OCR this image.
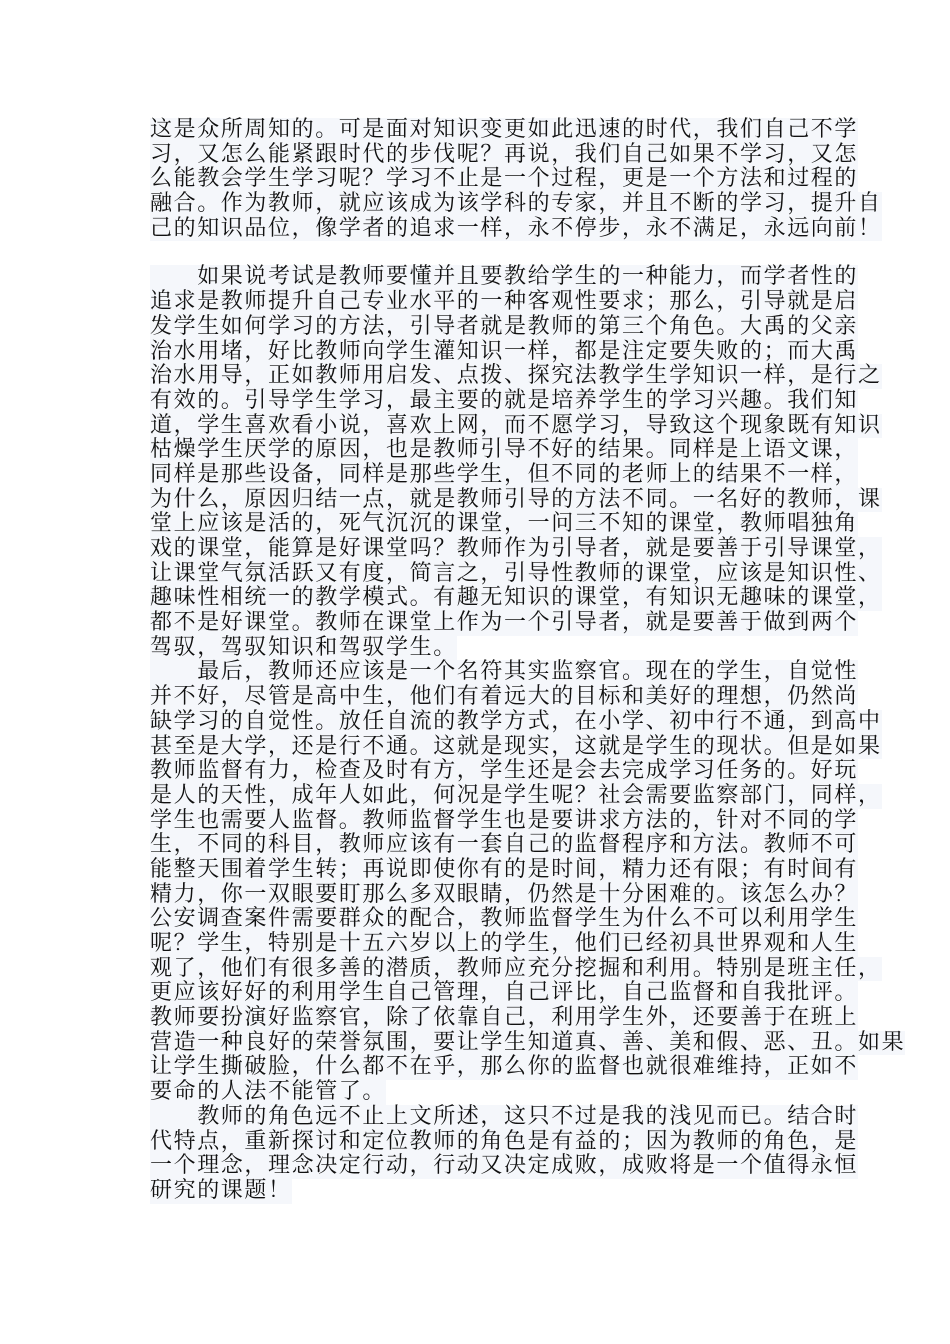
这是众所周知的。可是面对知识变更如此迅速的时代，我们自己不学
习，又怎么能紧跟时代的步伐呢？再说，我们自己如果不学习，又怎
么能教会学生学习呢？学习不止是一个过程，更是一个方法和过程的
融合。作为教师，就应该成为该学科的专家，并且不断的学习，提升自
己的知识品位，像学者的追求一样，永不停步，永不满足，永远向前！
　　如果说考试是教师要懂并且要教给学生的一种能力，而学者性的
追求是教师提升自己专业水平的一种客观性要求；那么，引导就是启
发学生如何学习的方法，引导者就是教师的第三个角色。大禹的父亲
治水用堵，好比教师向学生灌知识一样，都是注定要失败的；而大禹
治水用导，正如教师用启发、点拨、探究法教学生学知识一样，是行之
有效的。引导学生学习，最主要的就是培养学生的学习兴趣。我们知
道，学生喜欢看小说，喜欢上网，而不愿学习，导致这个现象既有知识
枯燥学生厌学的原因，也是教师引导不好的结果。同样是上语文课，
同样是那些设备，同样是那些学生，但不同的老师上的结果不一样，
为什么，原因归结一点，就是教师引导的方法不同。一名好的教师，课
堂上应该是活的，死气沉沉的课堂，一问三不知的课堂，教师唱独角
戏的课堂，能算是好课堂吗？教师作为引导者，就是要善于引导课堂，
让课堂气氛活跃又有度，简言之，引导性教师的课堂，应该是知识性、
趣味性相统一的教学模式。有趣无知识的课堂，有知识无趣味的课堂，
都不是好课堂。教师在课堂上作为一个引导者，就是要善于做到两个
驾驭，驾驭知识和驾驭学生。
　　最后，教师还应该是一个名符其实监察官。现在的学生，自觉性
并不好，尽管是高中生，他们有着远大的目标和美好的理想，仍然尚
缺学习的自觉性。放任自流的教学方式，在小学、初中行不通，到高中
甚至是大学，还是行不通。这就是现实，这就是学生的现状。但是如果
教师监督有力，检查及时有方，学生还是会去完成学习任务的。好玩
是人的天性，成年人如此，何况是学生呢？社会需要监察部门，同样，
学生也需要人监督。教师监督学生也是要讲求方法的，针对不同的学
生，不同的科目，教师应该有一套自己的监督程序和方法。教师不可
能整天围着学生转；再说即使你有的是时间，精力还有限；有时间有
精力，你一双眼要盯那么多双眼睛，仍然是十分困难的。该怎么办？
公安调查案件需要群众的配合，教师监督学生为什么不可以利用学生
呢？学生，特别是十五六岁以上的学生，他们已经初具世界观和人生
观了，他们有很多善的潜质，教师应充分挖掘和利用。特别是班主任，
更应该好好的利用学生自己管理，自己评比，自己监督和自我批评。
教师要扮演好监察官，除了依靠自己，利用学生外，还要善于在班上
营造一种良好的荣誉氛围，要让学生知道真、善、美和假、恶、丑。如果
让学生撕破脸，什么都不在乎，那么你的监督也就很难维持，正如不
要命的人法不能管了。
　　教师的角色远不止上文所述，这只不过是我的浅见而已。结合时
代特点，重新探讨和定位教师的角色是有益的；因为教师的角色，是
一个理念，理念决定行动，行动又决定成败，成败将是一个值得永恒
研究的课题！
